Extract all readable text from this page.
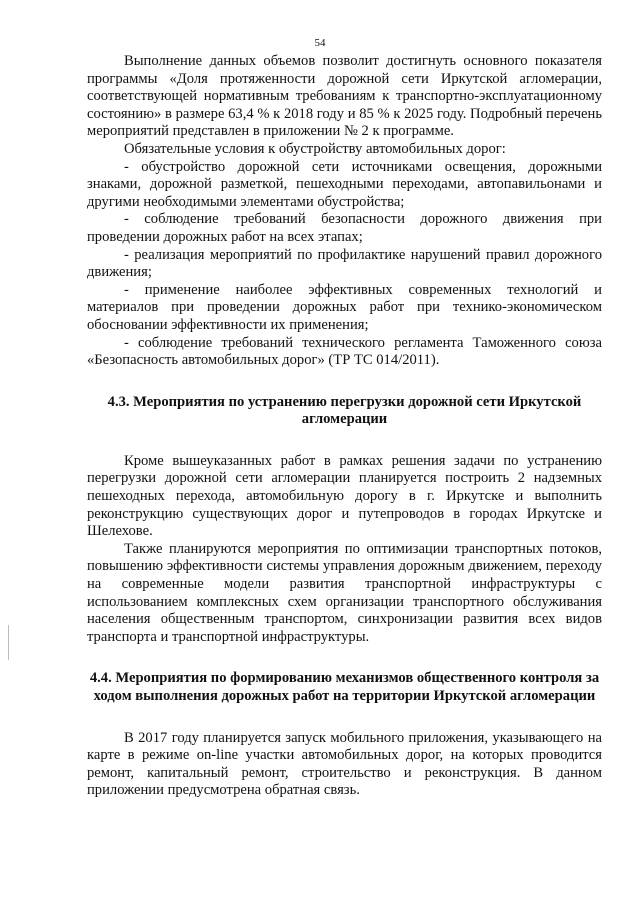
54

Выполнение данных объемов позволит достигнуть основного показателя программы «Доля протяженности дорожной сети Иркутской агломерации, соответствующей нормативным требованиям к транспортно-эксплуатационному состоянию» в размере 63,4 % к 2018 году и 85 % к 2025 году. Подробный перечень мероприятий представлен в приложении № 2 к программе.

Обязательные условия к обустройству автомобильных дорог:

- обустройство дорожной сети источниками освещения, дорожными знаками, дорожной разметкой, пешеходными переходами, автопавильонами и другими необходимыми элементами обустройства;

- соблюдение требований безопасности дорожного движения при проведении дорожных работ на всех этапах;

- реализация мероприятий по профилактике нарушений правил дорожного движения;

- применение наиболее эффективных современных технологий и материалов при проведении дорожных работ при технико-экономическом обосновании эффективности их применения;

- соблюдение требований технического регламента Таможенного союза «Безопасность автомобильных дорог» (ТР ТС 014/2011).

4.3. Мероприятия по устранению перегрузки дорожной сети Иркутской агломерации

Кроме вышеуказанных работ в рамках решения задачи по устранению перегрузки дорожной сети агломерации планируется построить 2 надземных пешеходных перехода, автомобильную дорогу в г. Иркутске и выполнить реконструкцию существующих дорог и путепроводов в городах Иркутске и Шелехове.

Также планируются мероприятия по оптимизации транспортных потоков, повышению эффективности системы управления дорожным движением, переходу на современные модели развития транспортной инфраструктуры с использованием комплексных схем организации транспортного обслуживания населения общественным транспортом, синхронизации развития всех видов транспорта и транспортной инфраструктуры.

4.4. Мероприятия по формированию механизмов общественного контроля за ходом выполнения дорожных работ на территории Иркутской агломерации

В 2017 году планируется запуск мобильного приложения, указывающего на карте в режиме on-line участки автомобильных дорог, на которых проводится ремонт, капитальный ремонт, строительство и реконструкция. В данном приложении предусмотрена обратная связь.
